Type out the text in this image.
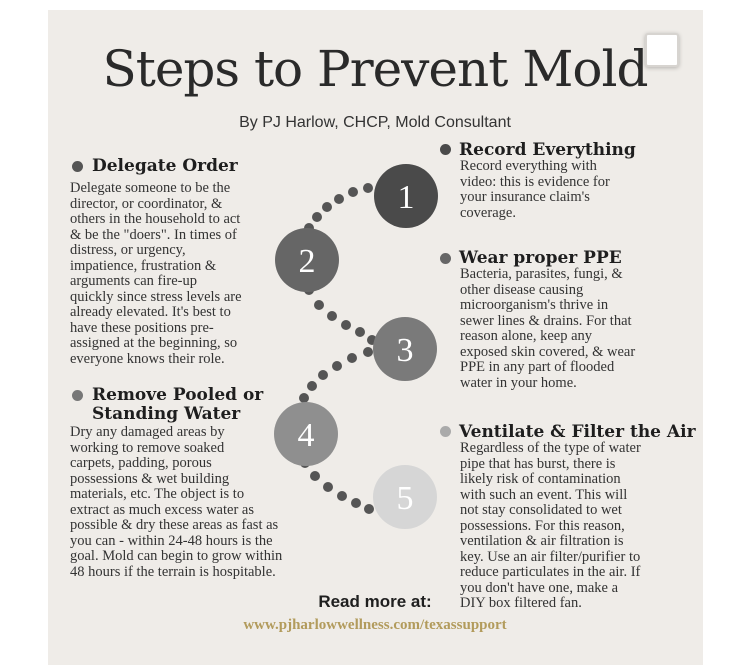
Steps to Prevent Mold
By PJ Harlow, CHCP, Mold Consultant
1
2
3
4
5
Delegate Order
Delegate someone to be the
director, or coordinator, &
others in the household to act
& be the "doers". In times of
distress, or urgency,
impatience, frustration &
arguments can fire-up
quickly since stress levels are
already elevated. It's best to
have these positions pre-
assigned at the beginning, so
everyone knows their role.
Remove Pooled or
Standing Water
Dry any damaged areas by
working to remove soaked
carpets, padding, porous
possessions & wet building
materials, etc. The object is to
extract as much excess water as
possible & dry these areas as fast as
you can - within 24-48 hours is the
goal. Mold can begin to grow within
48 hours if the terrain is hospitable.
Record Everything
Record everything with
video: this is evidence for
your insurance claim's
coverage.
Wear proper PPE
Bacteria, parasites, fungi, &
other disease causing
microorganism's thrive in
sewer lines & drains. For that
reason alone, keep any
exposed skin covered, & wear
PPE in any part of flooded
water in your home.
Ventilate & Filter the Air
Regardless of the type of water
pipe that has burst, there is
likely risk of contamination
with such an event. This will
not stay consolidated to wet
possessions. For this reason,
ventilation & air filtration is
key. Use an air filter/purifier to
reduce particulates in the air. If
you don't have one, make a
DIY box filtered fan.
Read more at:
www.pjharlowwellness.com/texassupport
